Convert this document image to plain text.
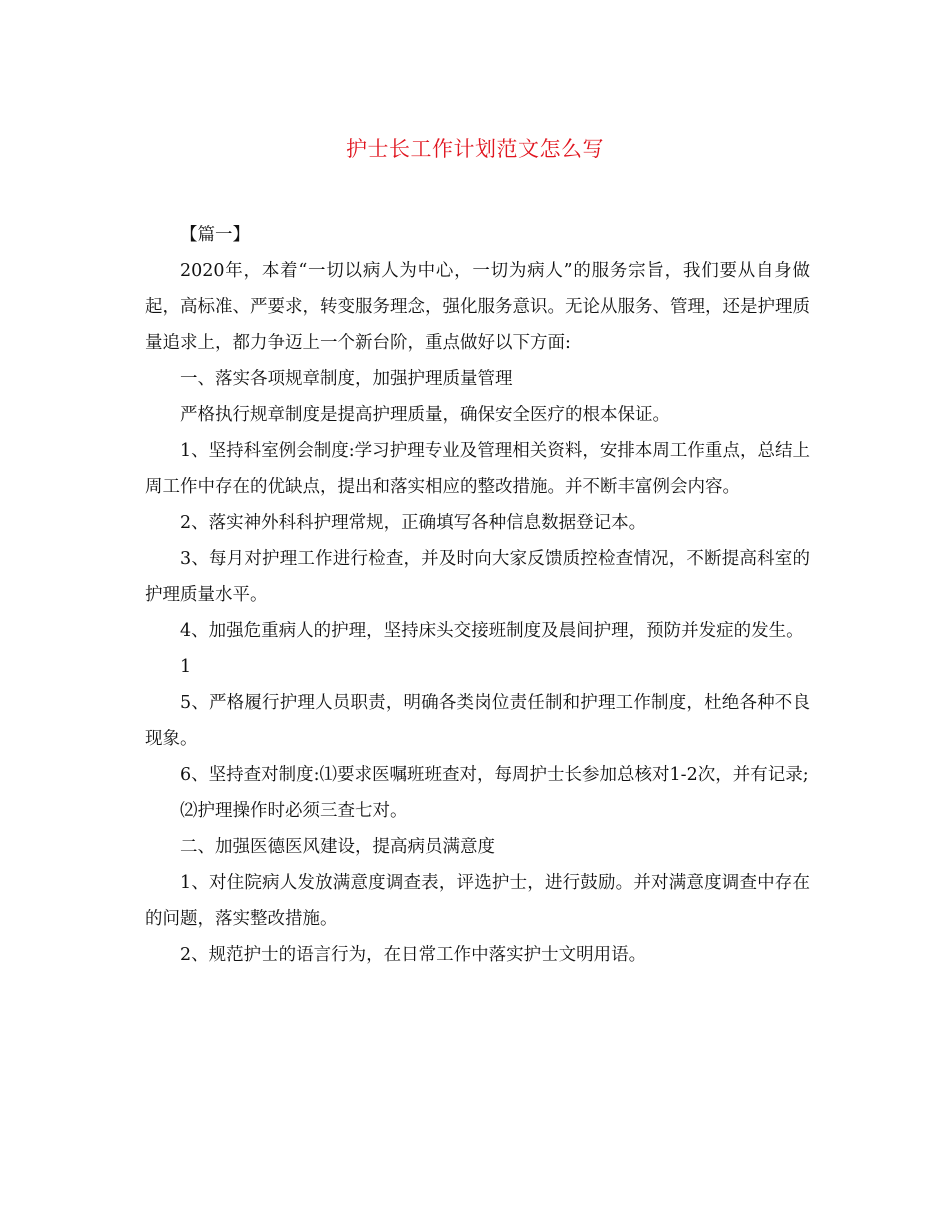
护士长工作计划范文怎么写

【篇一】

2020年，本着“一切以病人为中心，一切为病人”的服务宗旨，我们要从自身做起，高标准、严要求，转变服务理念，强化服务意识。无论从服务、管理，还是护理质量追求上，都力争迈上一个新台阶，重点做好以下方面:

一、落实各项规章制度，加强护理质量管理

严格执行规章制度是提高护理质量，确保安全医疗的根本保证。

1、坚持科室例会制度:学习护理专业及管理相关资料，安排本周工作重点，总结上周工作中存在的优缺点，提出和落实相应的整改措施。并不断丰富例会内容。

2、落实神外科科护理常规，正确填写各种信息数据登记本。

3、每月对护理工作进行检查，并及时向大家反馈质控检查情况，不断提高科室的护理质量水平。

4、加强危重病人的护理，坚持床头交接班制度及晨间护理，预防并发症的发生。

1

5、严格履行护理人员职责，明确各类岗位责任制和护理工作制度，杜绝各种不良现象。

6、坚持查对制度:⑴要求医嘱班班查对，每周护士长参加总核对1-2次，并有记录;

⑵护理操作时必须三查七对。

二、加强医德医风建设，提高病员满意度

1、对住院病人发放满意度调查表，评选护士，进行鼓励。并对满意度调查中存在的问题，落实整改措施。

2、规范护士的语言行为，在日常工作中落实护士文明用语。
